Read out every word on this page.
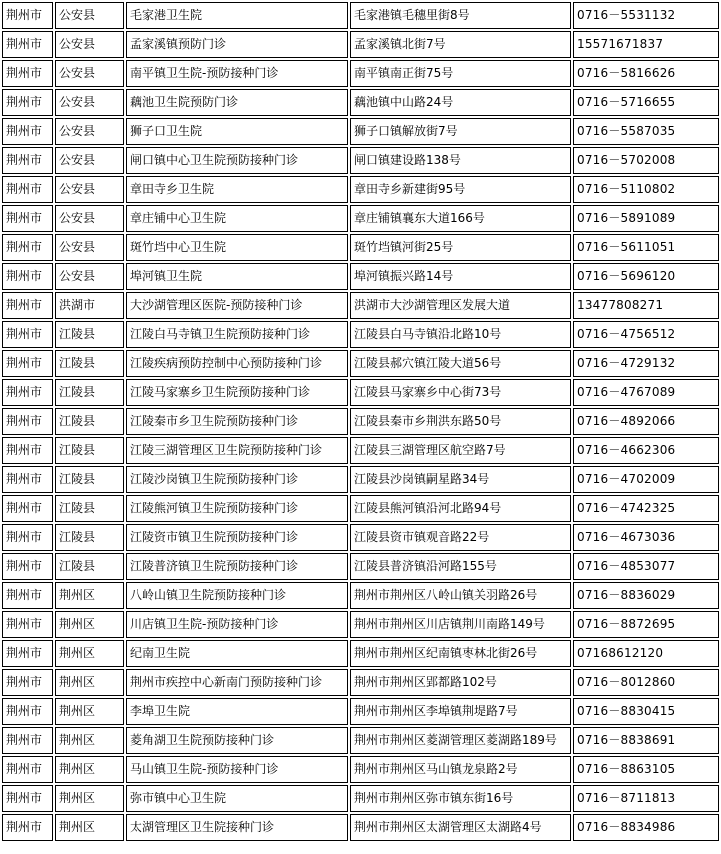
荆州市	公安县	毛家港卫生院	毛家港镇毛穗里街8号	0716－5531132
荆州市	公安县	孟家溪镇预防门诊	孟家溪镇北街7号	15571671837
荆州市	公安县	南平镇卫生院-预防接种门诊	南平镇南正街75号	0716－5816626
荆州市	公安县	藕池卫生院预防门诊	藕池镇中山路24号	0716－5716655
荆州市	公安县	狮子口卫生院	狮子口镇解放街7号	0716－5587035
荆州市	公安县	闸口镇中心卫生院预防接种门诊	闸口镇建设路138号	0716－5702008
荆州市	公安县	章田寺乡卫生院	章田寺乡新建街95号	0716－5110802
荆州市	公安县	章庄铺中心卫生院	章庄铺镇襄东大道166号	0716－5891089
荆州市	公安县	斑竹垱中心卫生院	斑竹垱镇河街25号	0716－5611051
荆州市	公安县	埠河镇卫生院	埠河镇振兴路14号	0716－5696120
荆州市	洪湖市	大沙湖管理区医院-预防接种门诊	洪湖市大沙湖管理区发展大道	13477808271
荆州市	江陵县	江陵白马寺镇卫生院预防接种门诊	江陵县白马寺镇沿北路10号	0716－4756512
荆州市	江陵县	江陵疾病预防控制中心预防接种门诊	江陵县郝穴镇江陵大道56号	0716－4729132
荆州市	江陵县	江陵马家寨乡卫生院预防接种门诊	江陵县马家寨乡中心街73号	0716－4767089
荆州市	江陵县	江陵秦市乡卫生院预防接种门诊	江陵县秦市乡荆洪东路50号	0716－4892066
荆州市	江陵县	江陵三湖管理区卫生院预防接种门诊	江陵县三湖管理区航空路7号	0716－4662306
荆州市	江陵县	江陵沙岗镇卫生院预防接种门诊	江陵县沙岗镇嗣星路34号	0716－4702009
荆州市	江陵县	江陵熊河镇卫生院预防接种门诊	江陵县熊河镇沿河北路94号	0716－4742325
荆州市	江陵县	江陵资市镇卫生院预防接种门诊	江陵县资市镇观音路22号	0716－4673036
荆州市	江陵县	江陵普济镇卫生院预防接种门诊	江陵县普济镇沿河路155号	0716－4853077
荆州市	荆州区	八岭山镇卫生院预防接种门诊	荆州市荆州区八岭山镇关羽路26号	0716－8836029
荆州市	荆州区	川店镇卫生院-预防接种门诊	荆州市荆州区川店镇荆川南路149号	0716－8872695
荆州市	荆州区	纪南卫生院	荆州市荆州区纪南镇枣林北街26号	07168612120
荆州市	荆州区	荆州市疾控中心新南门预防接种门诊	荆州市荆州区郢都路102号	0716－8012860
荆州市	荆州区	李埠卫生院	荆州市荆州区李埠镇荆堤路7号	0716－8830415
荆州市	荆州区	菱角湖卫生院预防接种门诊	荆州市荆州区菱湖管理区菱湖路189号	0716－8838691
荆州市	荆州区	马山镇卫生院-预防接种门诊	荆州市荆州区马山镇龙泉路2号	0716－8863105
荆州市	荆州区	弥市镇中心卫生院	荆州市荆州区弥市镇东街16号	0716－8711813
荆州市	荆州区	太湖管理区卫生院接种门诊	荆州市荆州区太湖管理区太湖路4号	0716－8834986
